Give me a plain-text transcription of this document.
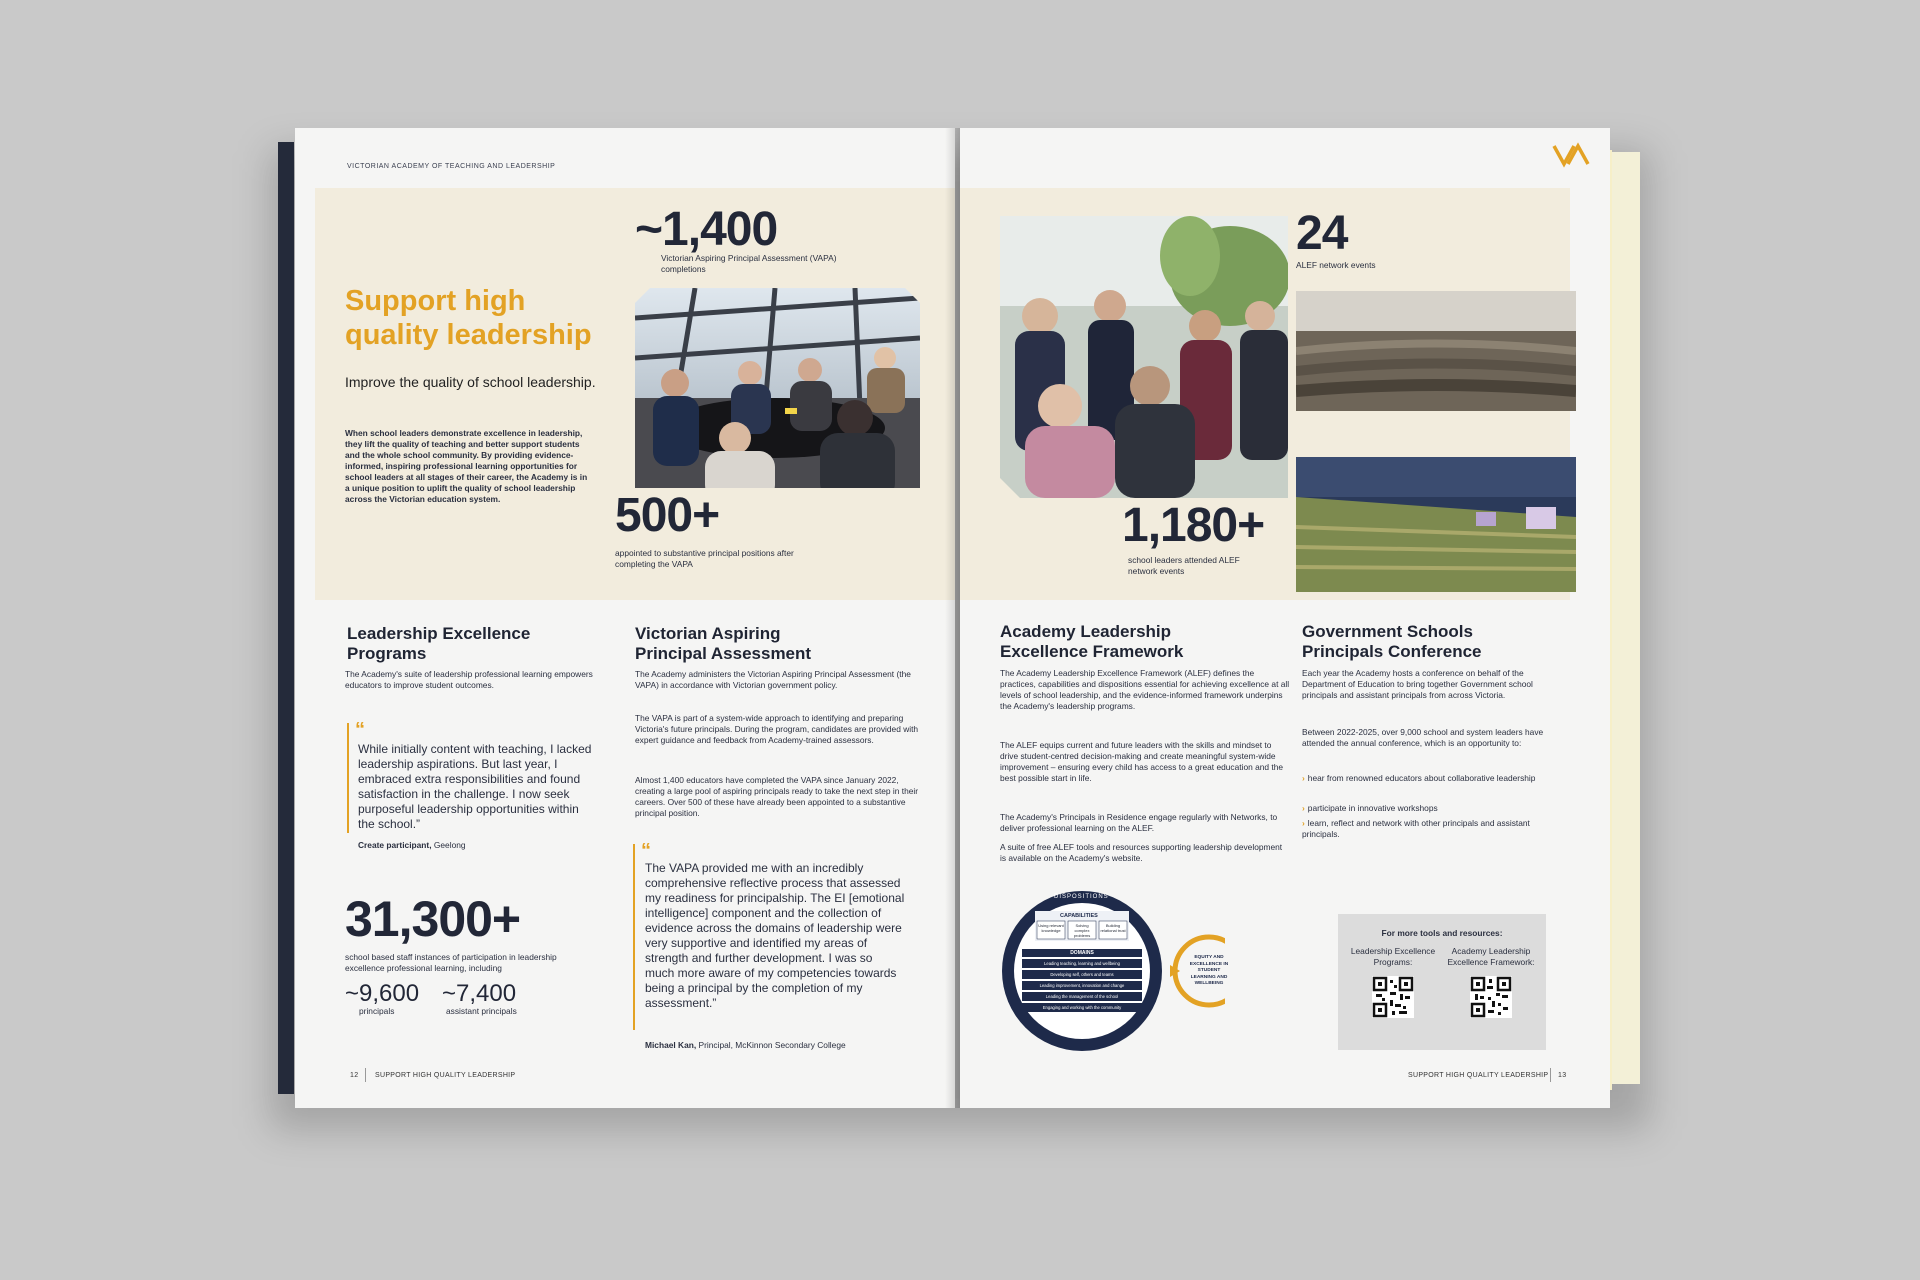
VICTORIAN ACADEMY OF TEACHING AND LEADERSHIP
Support high
quality leadership
Improve the quality of school leadership.
When school leaders demonstrate excellence in leadership, they lift the quality of teaching and better support students and the whole school community. By providing evidence-informed, inspiring professional learning opportunities for school leaders at all stages of their career, the Academy is in a unique position to uplift the quality of school leadership across the Victorian education system.
~1,400
Victorian Aspiring Principal Assessment (VAPA) completions
500+
appointed to substantive principal positions after completing the VAPA
Leadership Excellence Programs
The Academy's suite of leadership professional learning empowers educators to improve student outcomes.
“
While initially content with teaching, I lacked leadership aspirations. But last year, I embraced extra responsibilities and found satisfaction in the challenge. I now seek purposeful leadership opportunities within the school.”
Create participant, Geelong
31,300+
school based staff instances of participation in leadership excellence professional learning, including
~9,600
principals
~7,400
assistant principals
Victorian Aspiring Principal Assessment
The Academy administers the Victorian Aspiring Principal Assessment (the VAPA) in accordance with Victorian government policy.
The VAPA is part of a system-wide approach to identifying and preparing Victoria's future principals. During the program, candidates are provided with expert guidance and feedback from Academy-trained assessors.
Almost 1,400 educators have completed the VAPA since January 2022, creating a large pool of aspiring principals ready to take the next step in their careers. Over 500 of these have already been appointed to a substantive principal position.
“
The VAPA provided me with an incredibly comprehensive reflective process that assessed my readiness for principalship. The EI [emotional intelligence] component and the collection of evidence across the domains of leadership were very supportive and identified my areas of strength and further development. I was so much more aware of my competencies towards being a principal by the completion of my assessment.”
Michael Kan, Principal, McKinnon Secondary College
12 SUPPORT HIGH QUALITY LEADERSHIP
1,180+
school leaders attended ALEF network events
24
ALEF network events
Academy Leadership Excellence Framework
The Academy Leadership Excellence Framework (ALEF) defines the practices, capabilities and dispositions essential for achieving excellence at all levels of school leadership, and the evidence-informed framework underpins the Academy's leadership programs.
The ALEF equips current and future leaders with the skills and mindset to drive student-centred decision-making and create meaningful system-wide improvement – ensuring every child has access to a great education and the best possible start in life.
The Academy's Principals in Residence engage regularly with Networks, to deliver professional learning on the ALEF.
A suite of free ALEF tools and resources supporting leadership development is available on the Academy's website.
DISPOSITIONS
CAPABILITIES
Using relevant knowledge
Solving complex problems
Building relational trust
DOMAINS
Leading teaching, learning and wellbeing
Developing self, others and teams
Leading improvement, innovation and change
Leading the management of the school
Engaging and working with the community
EQUITY AND EXCELLENCE IN STUDENT LEARNING AND WELLBEING
Government Schools Principals Conference
Each year the Academy hosts a conference on behalf of the Department of Education to bring together Government school principals and assistant principals from across Victoria.
Between 2022-2025, over 9,000 school and system leaders have attended the annual conference, which is an opportunity to:
› hear from renowned educators about collaborative leadership
› participate in innovative workshops
› learn, reflect and network with other principals and assistant principals.
For more tools and resources:
Leadership Excellence Programs:
Academy Leadership Excellence Framework:
SUPPORT HIGH QUALITY LEADERSHIP 13
